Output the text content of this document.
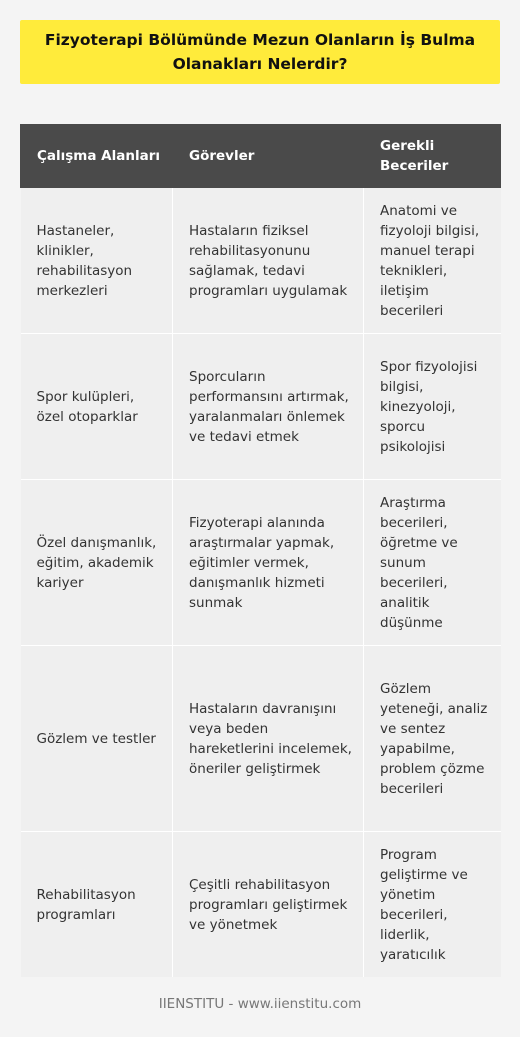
Fizyoterapi Bölümünde Mezun Olanların İş Bulma Olanakları Nelerdir?
Çalışma Alanları	Görevler	Gerekli Beceriler
Hastaneler, klinikler, rehabilitasyon merkezleri	Hastaların fiziksel rehabilitasyonunu sağlamak, tedavi programları uygulamak	Anatomi ve fizyoloji bilgisi, manuel terapi teknikleri, iletişim becerileri
Spor kulüpleri, özel otoparklar	Sporcuların performansını artırmak, yaralanmaları önlemek ve tedavi etmek	Spor fizyolojisi bilgisi, kinezyoloji, sporcu psikolojisi
Özel danışmanlık, eğitim, akademik kariyer	Fizyoterapi alanında araştırmalar yapmak, eğitimler vermek, danışmanlık hizmeti sunmak	Araştırma becerileri, öğretme ve sunum becerileri, analitik düşünme
Gözlem ve testler	Hastaların davranışını veya beden hareketlerini incelemek, öneriler geliştirmek	Gözlem yeteneği, analiz ve sentez yapabilme, problem çözme becerileri
Rehabilitasyon programları	Çeşitli rehabilitasyon programları geliştirmek ve yönetmek	Program geliştirme ve yönetim becerileri, liderlik, yaratıcılık
IIENSTITU - www.iienstitu.com
